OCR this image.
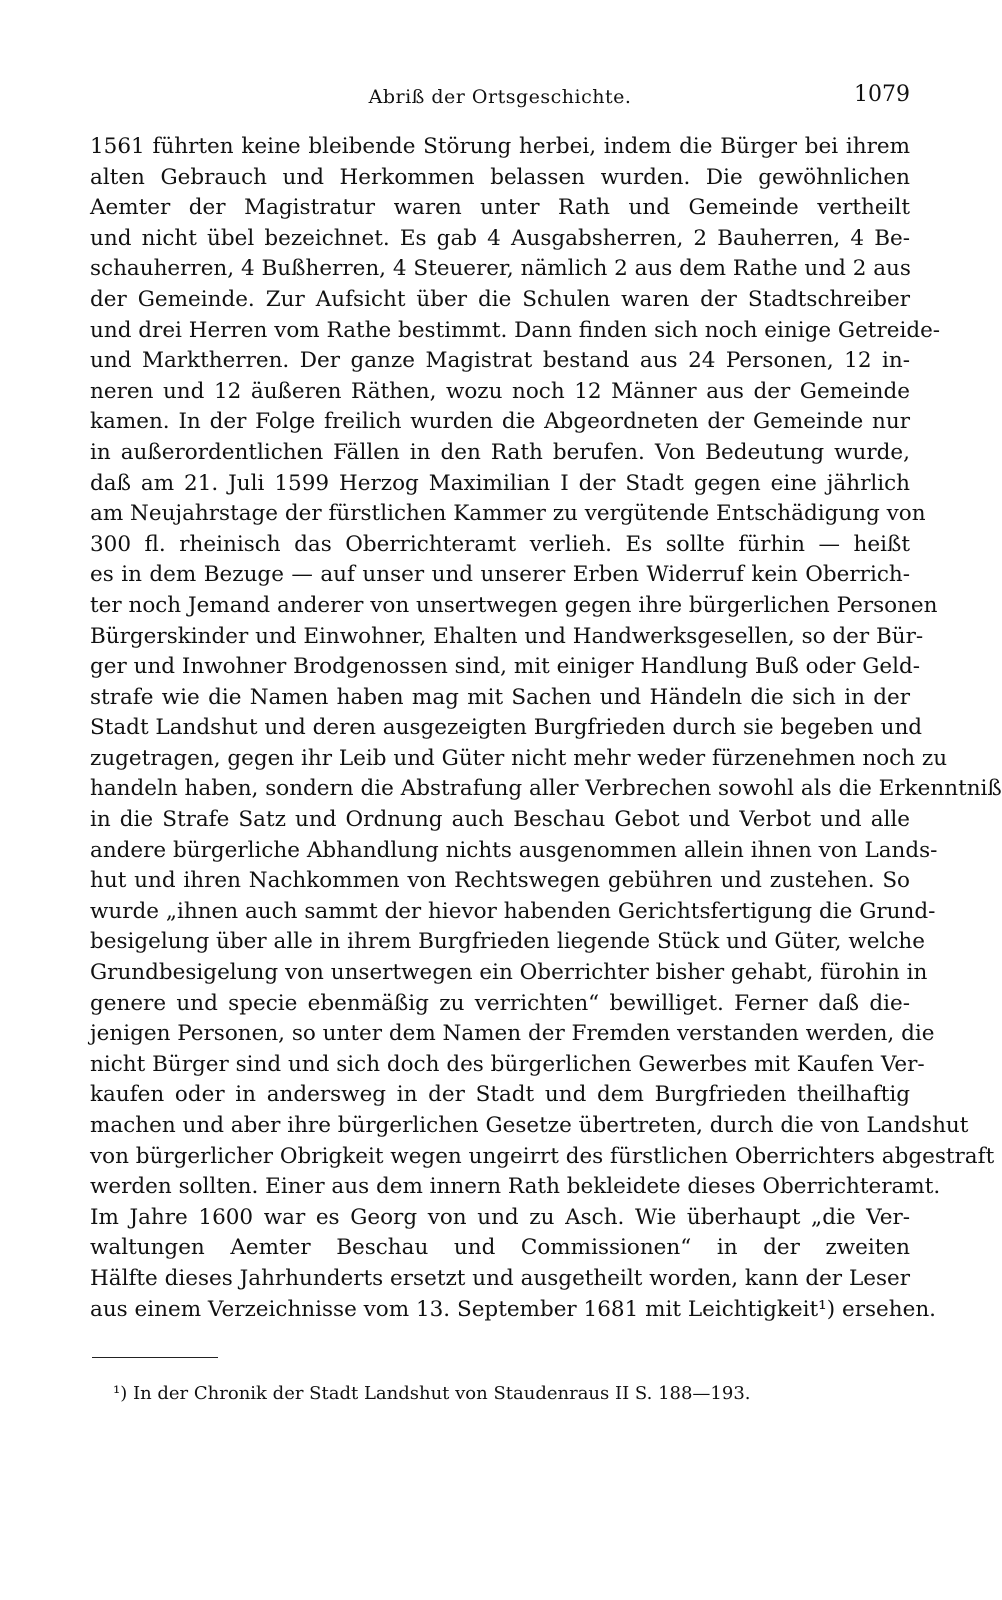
Abriß der Ortsgeschichte.	1079
1561 führten keine bleibende Störung herbei, indem die Bürger bei ihrem
alten Gebrauch und Herkommen belassen wurden. Die gewöhnlichen
Aemter der Magistratur waren unter Rath und Gemeinde vertheilt
und nicht übel bezeichnet. Es gab 4 Ausgabsherren, 2 Bauherren, 4 Be-
schauherren, 4 Bußherren, 4 Steuerer, nämlich 2 aus dem Rathe und 2 aus
der Gemeinde. Zur Aufsicht über die Schulen waren der Stadtschreiber
und drei Herren vom Rathe bestimmt. Dann finden sich noch einige Getreide-
und Marktherren. Der ganze Magistrat bestand aus 24 Personen, 12 in-
neren und 12 äußeren Räthen, wozu noch 12 Männer aus der Gemeinde
kamen. In der Folge freilich wurden die Abgeordneten der Gemeinde nur
in außerordentlichen Fällen in den Rath berufen. Von Bedeutung wurde,
daß am 21. Juli 1599 Herzog Maximilian I der Stadt gegen eine jährlich
am Neujahrstage der fürstlichen Kammer zu vergütende Entschädigung von
300 fl. rheinisch das Oberrichteramt verlieh. Es sollte fürhin — heißt
es in dem Bezuge — auf unser und unserer Erben Widerruf kein Oberrich-
ter noch Jemand anderer von unsertwegen gegen ihre bürgerlichen Personen
Bürgerskinder und Einwohner, Ehalten und Handwerksgesellen, so der Bür-
ger und Inwohner Brodgenossen sind, mit einiger Handlung Buß oder Geld-
strafe wie die Namen haben mag mit Sachen und Händeln die sich in der
Stadt Landshut und deren ausgezeigten Burgfrieden durch sie begeben und
zugetragen, gegen ihr Leib und Güter nicht mehr weder fürzenehmen noch zu
handeln haben, sondern die Abstrafung aller Verbrechen sowohl als die Erkenntniß
in die Strafe Satz und Ordnung auch Beschau Gebot und Verbot und alle
andere bürgerliche Abhandlung nichts ausgenommen allein ihnen von Lands-
hut und ihren Nachkommen von Rechtswegen gebühren und zustehen. So
wurde „ihnen auch sammt der hievor habenden Gerichtsfertigung die Grund-
besigelung über alle in ihrem Burgfrieden liegende Stück und Güter, welche
Grundbesigelung von unsertwegen ein Oberrichter bisher gehabt, fürohin in
genere und specie ebenmäßig zu verrichten“ bewilliget. Ferner daß die-
jenigen Personen, so unter dem Namen der Fremden verstanden werden, die
nicht Bürger sind und sich doch des bürgerlichen Gewerbes mit Kaufen Ver-
kaufen oder in andersweg in der Stadt und dem Burgfrieden theilhaftig
machen und aber ihre bürgerlichen Gesetze übertreten, durch die von Landshut
von bürgerlicher Obrigkeit wegen ungeirrt des fürstlichen Oberrichters abgestraft
werden sollten. Einer aus dem innern Rath bekleidete dieses Oberrichteramt.
Im Jahre 1600 war es Georg von und zu Asch. Wie überhaupt „die Ver-
waltungen Aemter Beschau und Commissionen“ in der zweiten
Hälfte dieses Jahrhunderts ersetzt und ausgetheilt worden, kann der Leser
aus einem Verzeichnisse vom 13. September 1681 mit Leichtigkeit¹) ersehen.
¹) In der Chronik der Stadt Landshut von Staudenraus II S. 188—193.
